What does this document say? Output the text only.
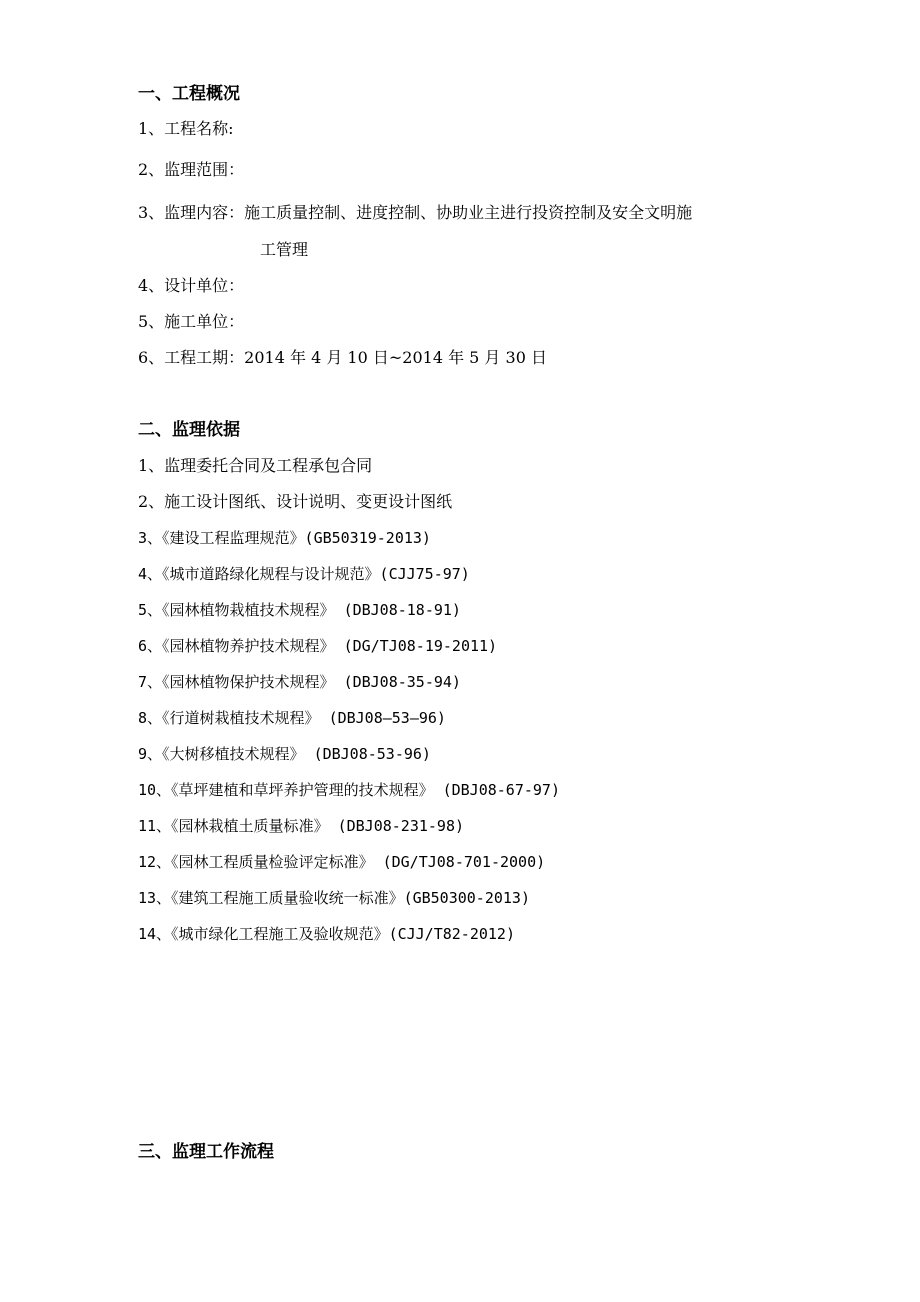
一、工程概况
1、工程名称:
2、监理范围：
3、监理内容：施工质量控制、进度控制、协助业主进行投资控制及安全文明施
工管理
4、设计单位：
5、施工单位：
6、工程工期：2014 年 4 月 10 日~2014 年 5 月 30 日
二、监理依据
1、监理委托合同及工程承包合同
2、施工设计图纸、设计说明、变更设计图纸
3、《建设工程监理规范》(GB50319-2013)
4、《城市道路绿化规程与设计规范》(CJJ75-97)
5、《园林植物栽植技术规程》 (DBJ08-18-91)
6、《园林植物养护技术规程》 (DG/TJ08-19-2011)
7、《园林植物保护技术规程》 (DBJ08-35-94)
8、《行道树栽植技术规程》 (DBJ08—53—96)
9、《大树移植技术规程》 (DBJ08-53-96)
10、《草坪建植和草坪养护管理的技术规程》 (DBJ08-67-97)
11、《园林栽植土质量标准》 (DBJ08-231-98)
12、《园林工程质量检验评定标准》 (DG/TJ08-701-2000)
13、《建筑工程施工质量验收统一标准》(GB50300-2013)
14、《城市绿化工程施工及验收规范》(CJJ/T82-2012)
三、监理工作流程
